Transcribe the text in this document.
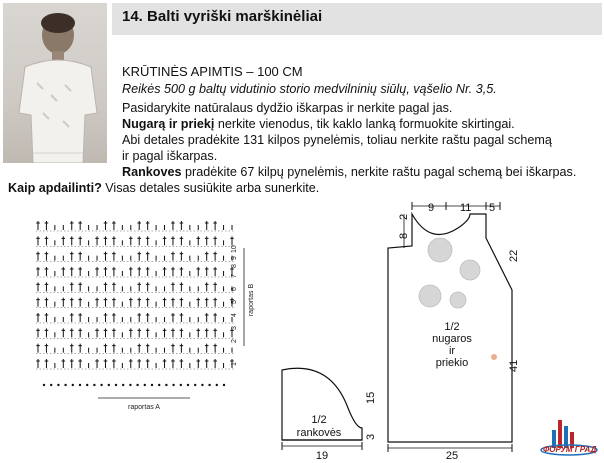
14. Balti vyriški marškinėliai
KRŪTINĖS APIMTIS – 100 CM
Reikės 500 g baltų vidutinio storio medvilninių siūlų, vąšelio Nr. 3,5.
Pasidarykite natūralaus dydžio iškarpas ir nerkite pagal jas.
Nugarą ir priekį nerkite vienodus, tik kaklo lanką formuokite skirtingai.
Abi detales pradėkite 131 kilpos pynelėmis, toliau nerkite raštu pagal schemą
ir pagal iškarpas.
Rankoves pradėkite 67 kilpų pynelėmis, nerkite raštu pagal schemą bei iškarpas.
Kaip apdailinti? Visas detales susiūkite arba sunerkite.
10
1
2
3
4
5
6
7
8
9
raportas B
raportas A
9 11 5
2
8
22
41
25
1/2
nugaros
ir
priekio
15
3
19
1/2
rankovės
ФОРУМ ГРАД
